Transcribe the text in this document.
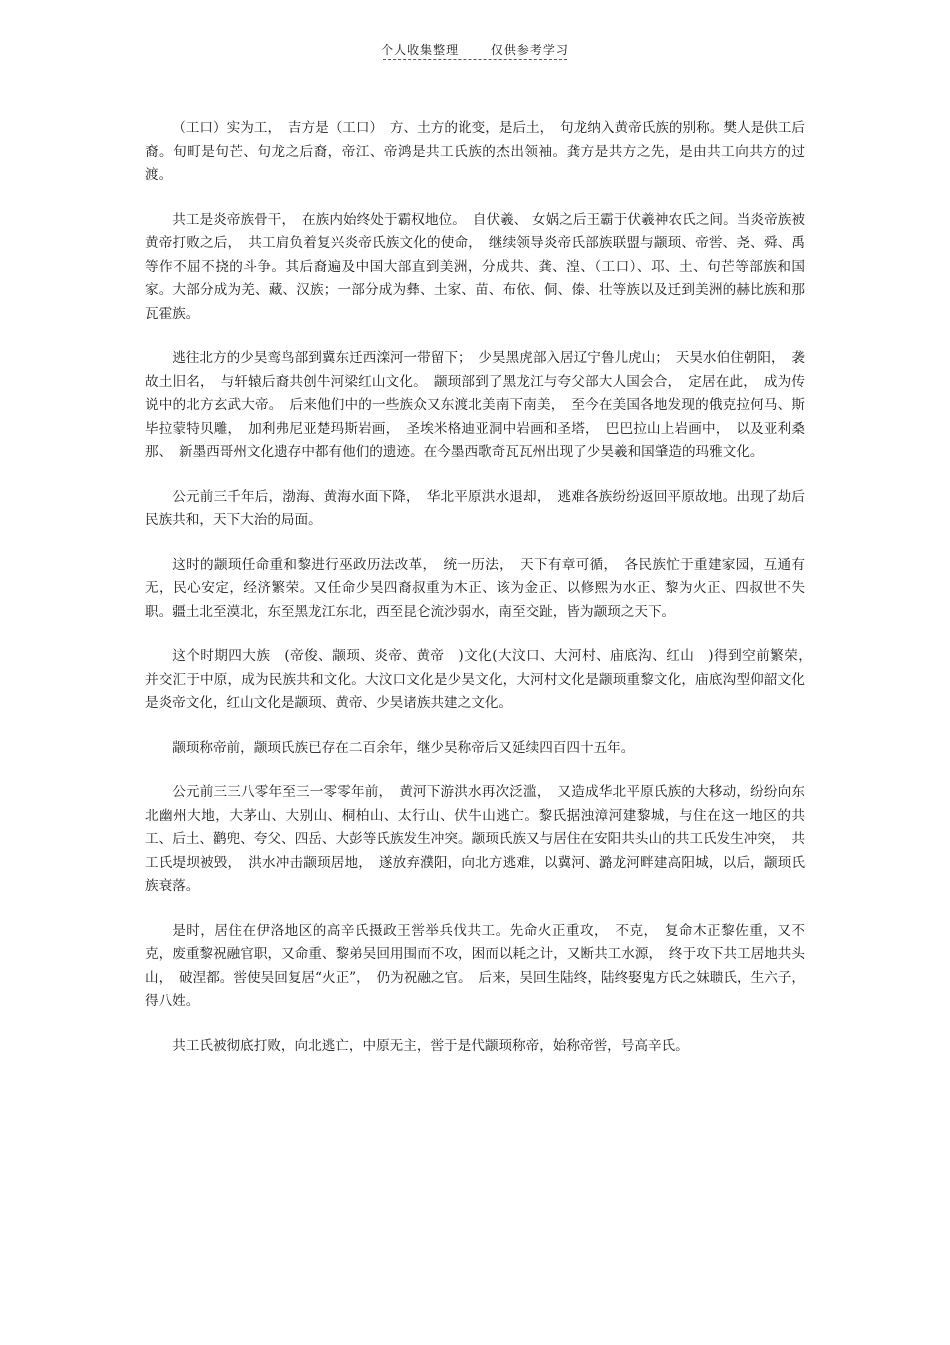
个人收集整理	仅供参考学习

（工口）实为工，　吉方是（工口）　方、土方的讹变，是后土，　句龙纳入黄帝氏族的别称。樊人是供工后裔。旬町是句芒、句龙之后裔，帝江、帝鸿是共工氏族的杰出领袖。龚方是共方之先，是由共工向共方的过渡。

共工是炎帝族骨干，　在族内始终处于霸权地位。　自伏羲、 女娲之后王霸于伏羲神农氏之间。当炎帝族被黄帝打败之后，　共工肩负着复兴炎帝氏族文化的使命，　继续领导炎帝氏部族联盟与颛顼、帝喾、尧、舜、禹等作不屈不挠的斗争。其后裔遍及中国大部直到美洲，分成共、龚、湟、（工口）、邛、土、句芒等部族和国家。大部分成为羌、藏、汉族；一部分成为彝、土家、苗、布依、侗、傣、壮等族以及迁到美洲的赫比族和那瓦霍族。

逃往北方的少昊鸾鸟部到冀东迁西滦河一带留下；　少昊黑虎部入居辽宁鲁儿虎山；　天昊水伯住朝阳，　袭故土旧名，　与轩辕后裔共创牛河梁红山文化。　颛顼部到了黑龙江与夸父部大人国会合，　定居在此，　成为传说中的北方玄武大帝。　后来他们中的一些族众又东渡北美南下南美，　至今在美国各地发现的俄克拉何马、斯毕拉蒙特贝雕，　加利弗尼亚楚玛斯岩画，　圣埃米格迪亚洞中岩画和圣塔，　巴巴拉山上岩画中，　以及亚利桑那、　新墨西哥州文化遗存中都有他们的遗迹。在今墨西歌奇瓦瓦州出现了少昊羲和国肇造的玛雅文化。

公元前三千年后，渤海、黄海水面下降，　华北平原洪水退却，　逃难各族纷纷返回平原故地。出现了劫后民族共和，天下大治的局面。

这时的颛顼任命重和黎进行巫政历法改革，　统一历法，　天下有章可循，　各民族忙于重建家园，互通有无，民心安定，经济繁荣。又任命少昊四裔叔重为木正、该为金正、以修熙为水正、黎为火正、四叔世不失职。疆土北至漠北，东至黑龙江东北，西至昆仑流沙弱水，南至交趾，皆为颛顼之天下。

这个时期四大族　(帝俊、颛顼、炎帝、黄帝　)文化(大汶口、大河村、庙底沟、红山　)得到空前繁荣，　并交汇于中原，成为民族共和文化。大汶口文化是少昊文化，大河村文化是颛顼重黎文化，庙底沟型仰韶文化是炎帝文化，红山文化是颛顼、黄帝、少昊诸族共建之文化。

颛顼称帝前，颛顼氏族已存在二百余年，继少昊称帝后又延续四百四十五年。

公元前三三八零年至三一零零年前，　黄河下游洪水再次泛滥，　又造成华北平原氏族的大移动，纷纷向东北幽州大地，大茅山、大别山、桐柏山、太行山、伏牛山逃亡。黎氏据浊漳河建黎城，与住在这一地区的共工、后土、鹳兜、夸父、四岳、大彭等氏族发生冲突。颛顼氏族又与居住在安阳共头山的共工氏发生冲突，　共工氏堤坝被毁，　洪水冲击颛顼居地，　遂放弃濮阳，向北方逃难，以冀河、潞龙河畔建高阳城，以后，颛顼氏族衰落。

是时，居住在伊洛地区的高辛氏摄政王喾举兵伐共工。先命火正重攻，　不克，　复命木正黎佐重，又不克，废重黎祝融官职，又命重、黎弟吴回用围而不攻，困而以耗之计，又断共工水源，　终于攻下共工居地共头山，　破涅都。喾使吴回复居“火正”，　仍为祝融之官。　后来，吴回生陆终，陆终娶鬼方氏之妹聩氏，生六子，得八姓。

共工氏被彻底打败，向北逃亡，中原无主，喾于是代颛顼称帝，始称帝喾，号高辛氏。
